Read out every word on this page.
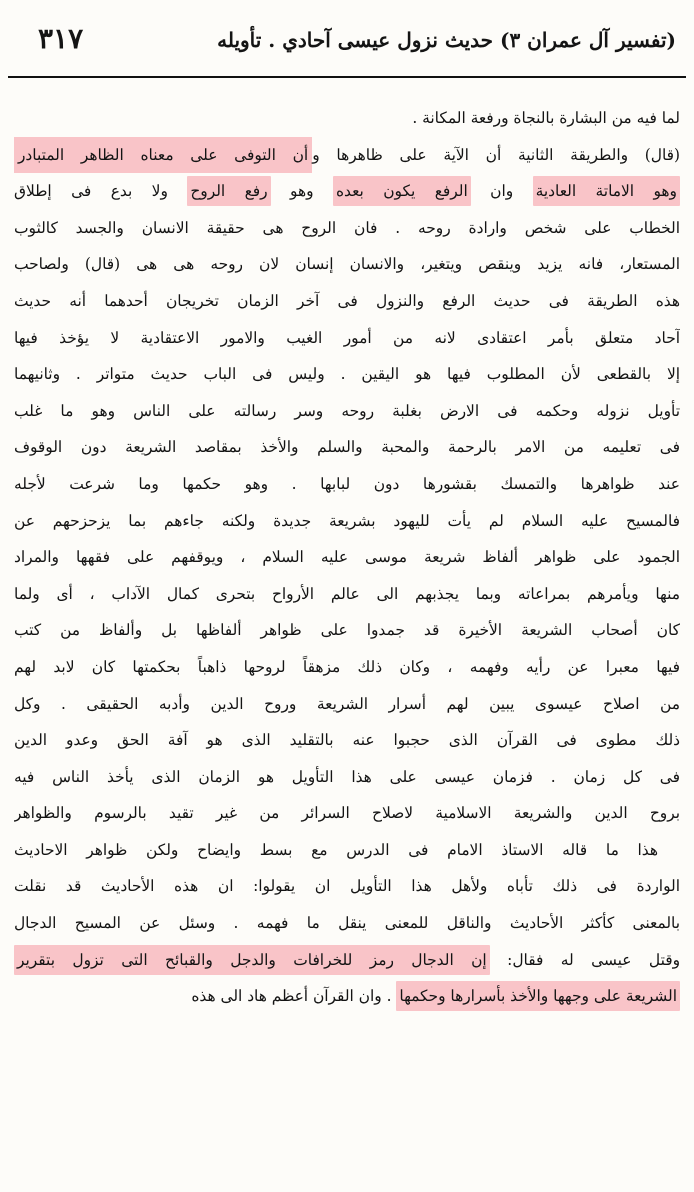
(تفسير آل عمران ٣) حديث نزول عيسى آحادي . تأويله
٣١٧
لما فيه من البشارة بالنجاة ورفعة المكانة .
(قال) والطريقة الثانية أن الآية على ظاهرها وأن التوفى على معناه الظاهر المتبادر
وهو الاماتة العادية وان الرفع يكون بعده وهو رفع الروح ولا بدع فى إطلاق
الخطاب على شخص وارادة روحه . فان الروح هى حقيقة الانسان والجسد كالثوب
المستعار، فانه يزيد وينقص ويتغير، والانسان إنسان لان روحه هى هى (قال) ولصاحب
هذه الطريقة فى حديث الرفع والنزول فى آخر الزمان تخريجان أحدهما أنه حديث
آحاد متعلق بأمر اعتقادى لانه من أمور الغيب والامور الاعتقادية لا يؤخذ فيها
إلا بالقطعى لأن المطلوب فيها هو اليقين . وليس فى الباب حديث متواتر . وثانيهما
تأويل نزوله وحكمه فى الارض بغلبة روحه وسر رسالته على الناس وهو ما غلب
فى تعليمه من الامر بالرحمة والمحبة والسلم والأخذ بمقاصد الشريعة دون الوقوف
عند ظواهرها والتمسك بقشورها دون لبابها . وهو حكمها وما شرعت لأجله
فالمسيح عليه السلام لم يأت لليهود بشريعة جديدة ولكنه جاءهم بما يزحزحهم عن
الجمود على ظواهر ألفاظ شريعة موسى عليه السلام ، ويوقفهم على فقهها والمراد
منها ويأمرهم بمراعاته وبما يجذبهم الى عالم الأرواح بتحرى كمال الآداب ، أى ولما
كان أصحاب الشريعة الأخيرة قد جمدوا على ظواهر ألفاظها بل وألفاظ من كتب
فيها معبرا عن رأيه وفهمه ، وكان ذلك مزهقاً لروحها ذاهباً بحكمتها كان لابد لهم
من اصلاح عيسوى يبين لهم أسرار الشريعة وروح الدين وأدبه الحقيقى . وكل
ذلك مطوى فى القرآن الذى حجبوا عنه بالتقليد الذى هو آفة الحق وعدو الدين
فى كل زمان . فزمان عيسى على هذا التأويل هو الزمان الذى يأخذ الناس فيه
بروح الدين والشريعة الاسلامية لاصلاح السرائر من غير تقيد بالرسوم والظواهر
هذا ما قاله الاستاذ الامام فى الدرس مع بسط وايضاح ولكن ظواهر الاحاديث
الواردة فى ذلك تأباه ولأهل هذا التأويل ان يقولوا: ان هذه الأحاديث قد نقلت
بالمعنى كأكثر الأحاديث والناقل للمعنى ينقل ما فهمه . وسئل عن المسيح الدجال
وقتل عيسى له فقال: إن الدجال رمز للخرافات والدجل والقبائح التى تزول بتقرير
الشريعة على وجهها والأخذ بأسرارها وحكمها . وان القرآن أعظم هاد الى هذه
